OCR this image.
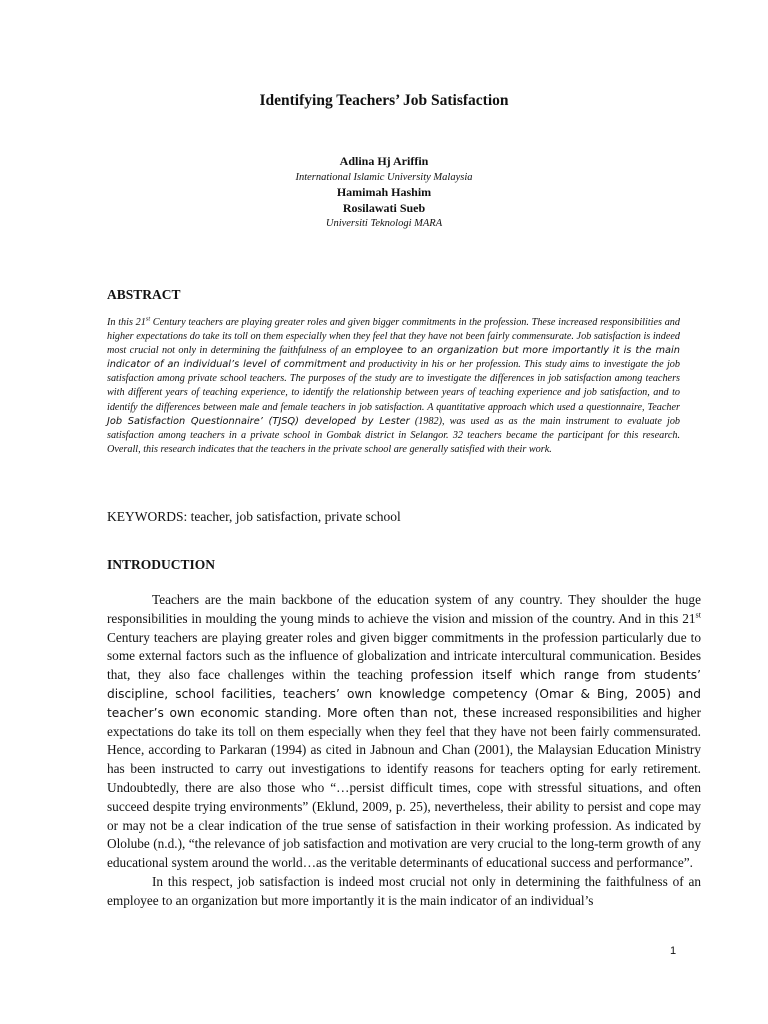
Identifying Teachers’ Job Satisfaction
Adlina Hj Ariffin
International Islamic University Malaysia
Hamimah Hashim
Rosilawati Sueb
Universiti Teknologi MARA
ABSTRACT
In this 21st Century teachers are playing greater roles and given bigger commitments in the profession. These increased responsibilities and higher expectations do take its toll on them especially when they feel that they have not been fairly commensurate. Job satisfaction is indeed most crucial not only in determining the faithfulness of an employee to an organization but more importantly it is the main indicator of an individual’s level of commitment and productivity in his or her profession. This study aims to investigate the job satisfaction among private school teachers. The purposes of the study are to investigate the differences in job satisfaction among teachers with different years of teaching experience, to identify the relationship between years of teaching experience and job satisfaction, and to identify the differences between male and female teachers in job satisfaction. A quantitative approach which used a questionnaire, Teacher Job Satisfaction Questionnaire’ (TJSQ) developed by Lester (1982), was used as as the main instrument to evaluate job satisfaction among teachers in a private school in Gombak district in Selangor. 32 teachers became the participant for this research. Overall, this research indicates that the teachers in the private school are generally satisfied with their work.
KEYWORDS: teacher, job satisfaction, private school
INTRODUCTION

Teachers are the main backbone of the education system of any country. They shoulder the huge responsibilities in moulding the young minds to achieve the vision and mission of the country. And in this 21st Century teachers are playing greater roles and given bigger commitments in the profession particularly due to some external factors such as the influence of globalization and intricate intercultural communication. Besides that, they also face challenges within the teaching profession itself which range from students’ discipline, school facilities, teachers’ own knowledge competency (Omar & Bing, 2005) and teacher’s own economic standing. More often than not, these increased responsibilities and higher expectations do take its toll on them especially when they feel that they have not been fairly commensurated. Hence, according to Parkaran (1994) as cited in Jabnoun and Chan (2001), the Malaysian Education Ministry has been instructed to carry out investigations to identify reasons for teachers opting for early retirement. Undoubtedly, there are also those who “…persist difficult times, cope with stressful situations, and often succeed despite trying environments” (Eklund, 2009, p. 25), nevertheless, their ability to persist and cope may or may not be a clear indication of the true sense of satisfaction in their working profession. As indicated by Ololube (n.d.), “the relevance of job satisfaction and motivation are very crucial to the long-term growth of any educational system around the world…as the veritable determinants of educational success and performance”.

In this respect, job satisfaction is indeed most crucial not only in determining the faithfulness of an employee to an organization but more importantly it is the main indicator of an individual’s

1
